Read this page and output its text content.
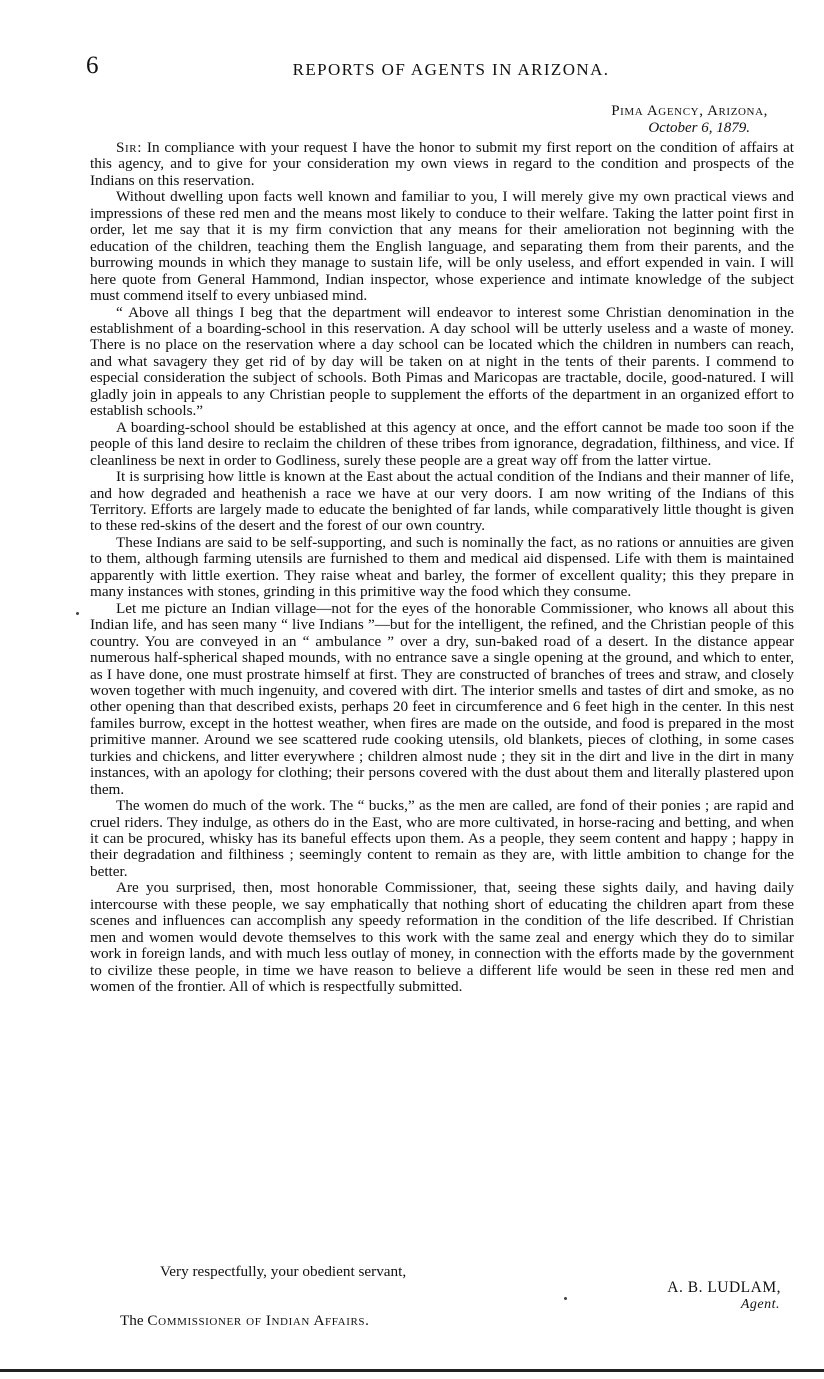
6	REPORTS OF AGENTS IN ARIZONA.
Pima Agency, Arizona,
October 6, 1879.

Sir: In compliance with your request I have the honor to submit my first report on the condition of affairs at this agency, and to give for your consideration my own views in regard to the condition and prospects of the Indians on this reservation.

Without dwelling upon facts well known and familiar to you, I will merely give my own practical views and impressions of these red men and the means most likely to conduce to their welfare. Taking the latter point first in order, let me say that it is my firm conviction that any means for their amelioration not beginning with the education of the children, teaching them the English language, and separating them from their parents, and the burrowing mounds in which they manage to sustain life, will be only useless, and effort expended in vain. I will here quote from General Hammond, Indian inspector, whose experience and intimate knowledge of the subject must commend itself to every unbiased mind.

“ Above all things I beg that the department will endeavor to interest some Christian denomination in the establishment of a boarding-school in this reservation. A day school will be utterly useless and a waste of money. There is no place on the reservation where a day school can be located which the children in numbers can reach, and what savagery they get rid of by day will be taken on at night in the tents of their parents. I commend to especial consideration the subject of schools. Both Pimas and Maricopas are tractable, docile, good-natured. I will gladly join in appeals to any Christian people to supplement the efforts of the department in an organized effort to establish schools.”

A boarding-school should be established at this agency at once, and the effort cannot be made too soon if the people of this land desire to reclaim the children of these tribes from ignorance, degradation, filthiness, and vice. If cleanliness be next in order to Godliness, surely these people are a great way off from the latter virtue.

It is surprising how little is known at the East about the actual condition of the Indians and their manner of life, and how degraded and heathenish a race we have at our very doors. I am now writing of the Indians of this Territory. Efforts are largely made to educate the benighted of far lands, while comparatively little thought is given to these red-skins of the desert and the forest of our own country.

These Indians are said to be self-supporting, and such is nominally the fact, as no rations or annuities are given to them, although farming utensils are furnished to them and medical aid dispensed. Life with them is maintained apparently with little exertion. They raise wheat and barley, the former of excellent quality; this they prepare in many instances with stones, grinding in this primitive way the food which they consume.

Let me picture an Indian village—not for the eyes of the honorable Commissioner, who knows all about this Indian life, and has seen many “ live Indians ”—but for the intelligent, the refined, and the Christian people of this country. You are conveyed in an “ ambulance ” over a dry, sun-baked road of a desert. In the distance appear numerous half-spherical shaped mounds, with no entrance save a single opening at the ground, and which to enter, as I have done, one must prostrate himself at first. They are constructed of branches of trees and straw, and closely woven together with much ingenuity, and covered with dirt. The interior smells and tastes of dirt and smoke, as no other opening than that described exists, perhaps 20 feet in circumference and 6 feet high in the center. In this nest familes burrow, except in the hottest weather, when fires are made on the outside, and food is prepared in the most primitive manner. Around we see scattered rude cooking utensils, old blankets, pieces of clothing, in some cases turkies and chickens, and litter everywhere ; children almost nude ; they sit in the dirt and live in the dirt in many instances, with an apology for clothing; their persons covered with the dust about them and literally plastered upon them.

The women do much of the work. The “ bucks,” as the men are called, are fond of their ponies ; are rapid and cruel riders. They indulge, as others do in the East, who are more cultivated, in horse-racing and betting, and when it can be procured, whisky has its baneful effects upon them. As a people, they seem content and happy ; happy in their degradation and filthiness ; seemingly content to remain as they are, with little ambition to change for the better.

Are you surprised, then, most honorable Commissioner, that, seeing these sights daily, and having daily intercourse with these people, we say emphatically that nothing short of educating the children apart from these scenes and influences can accomplish any speedy reformation in the condition of the life described. If Christian men and women would devote themselves to this work with the same zeal and energy which they do to similar work in foreign lands, and with much less outlay of money, in connection with the efforts made by the government to civilize these people, in time we have reason to believe a different life would be seen in these red men and women of the frontier. All of which is respectfully submitted.

Very respectfully, your obedient servant,
A. B. LUDLAM,
Agent.
The Commissioner of Indian Affairs.
